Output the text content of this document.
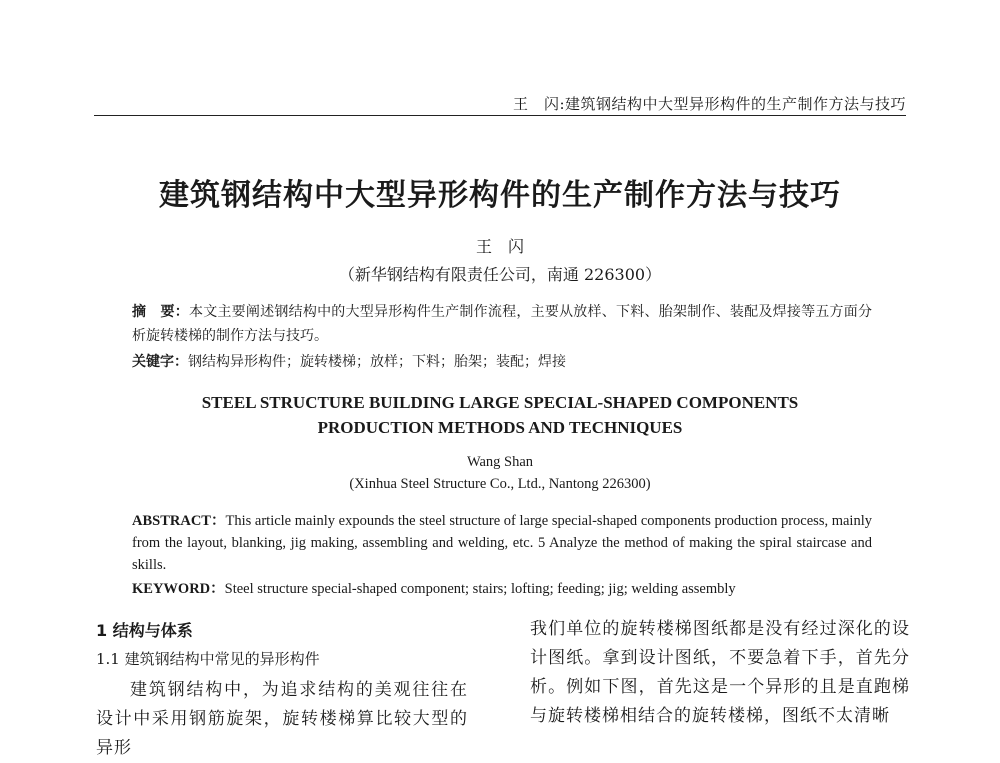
王　闪:建筑钢结构中大型异形构件的生产制作方法与技巧
建筑钢结构中大型异形构件的生产制作方法与技巧
王　闪
（新华钢结构有限责任公司，南通 226300）
摘　要：本文主要阐述钢结构中的大型异形构件生产制作流程，主要从放样、下料、胎架制作、装配及焊接等五方面分析旋转楼梯的制作方法与技巧。
关键字：钢结构异形构件；旋转楼梯；放样；下料；胎架；装配；焊接
STEEL STRUCTURE BUILDING LARGE SPECIAL-SHAPED COMPONENTS PRODUCTION METHODS AND TECHNIQUES
Wang Shan
(Xinhua Steel Structure Co., Ltd., Nantong 226300)
ABSTRACT：This article mainly expounds the steel structure of large special-shaped components production process, mainly from the layout, blanking, jig making, assembling and welding, etc. 5 Analyze the method of making the spiral staircase and skills.
KEYWORD：Steel structure special-shaped component; stairs; lofting; feeding; jig; welding assembly
1 结构与体系
1.1 建筑钢结构中常见的异形构件
建筑钢结构中，为追求结构的美观往往在设计中采用钢筋旋架，旋转楼梯算比较大型的异形
我们单位的旋转楼梯图纸都是没有经过深化的设计图纸。拿到设计图纸，不要急着下手，首先分析。例如下图，首先这是一个异形的且是直跑梯与旋转楼梯相结合的旋转楼梯，图纸不太清晰
